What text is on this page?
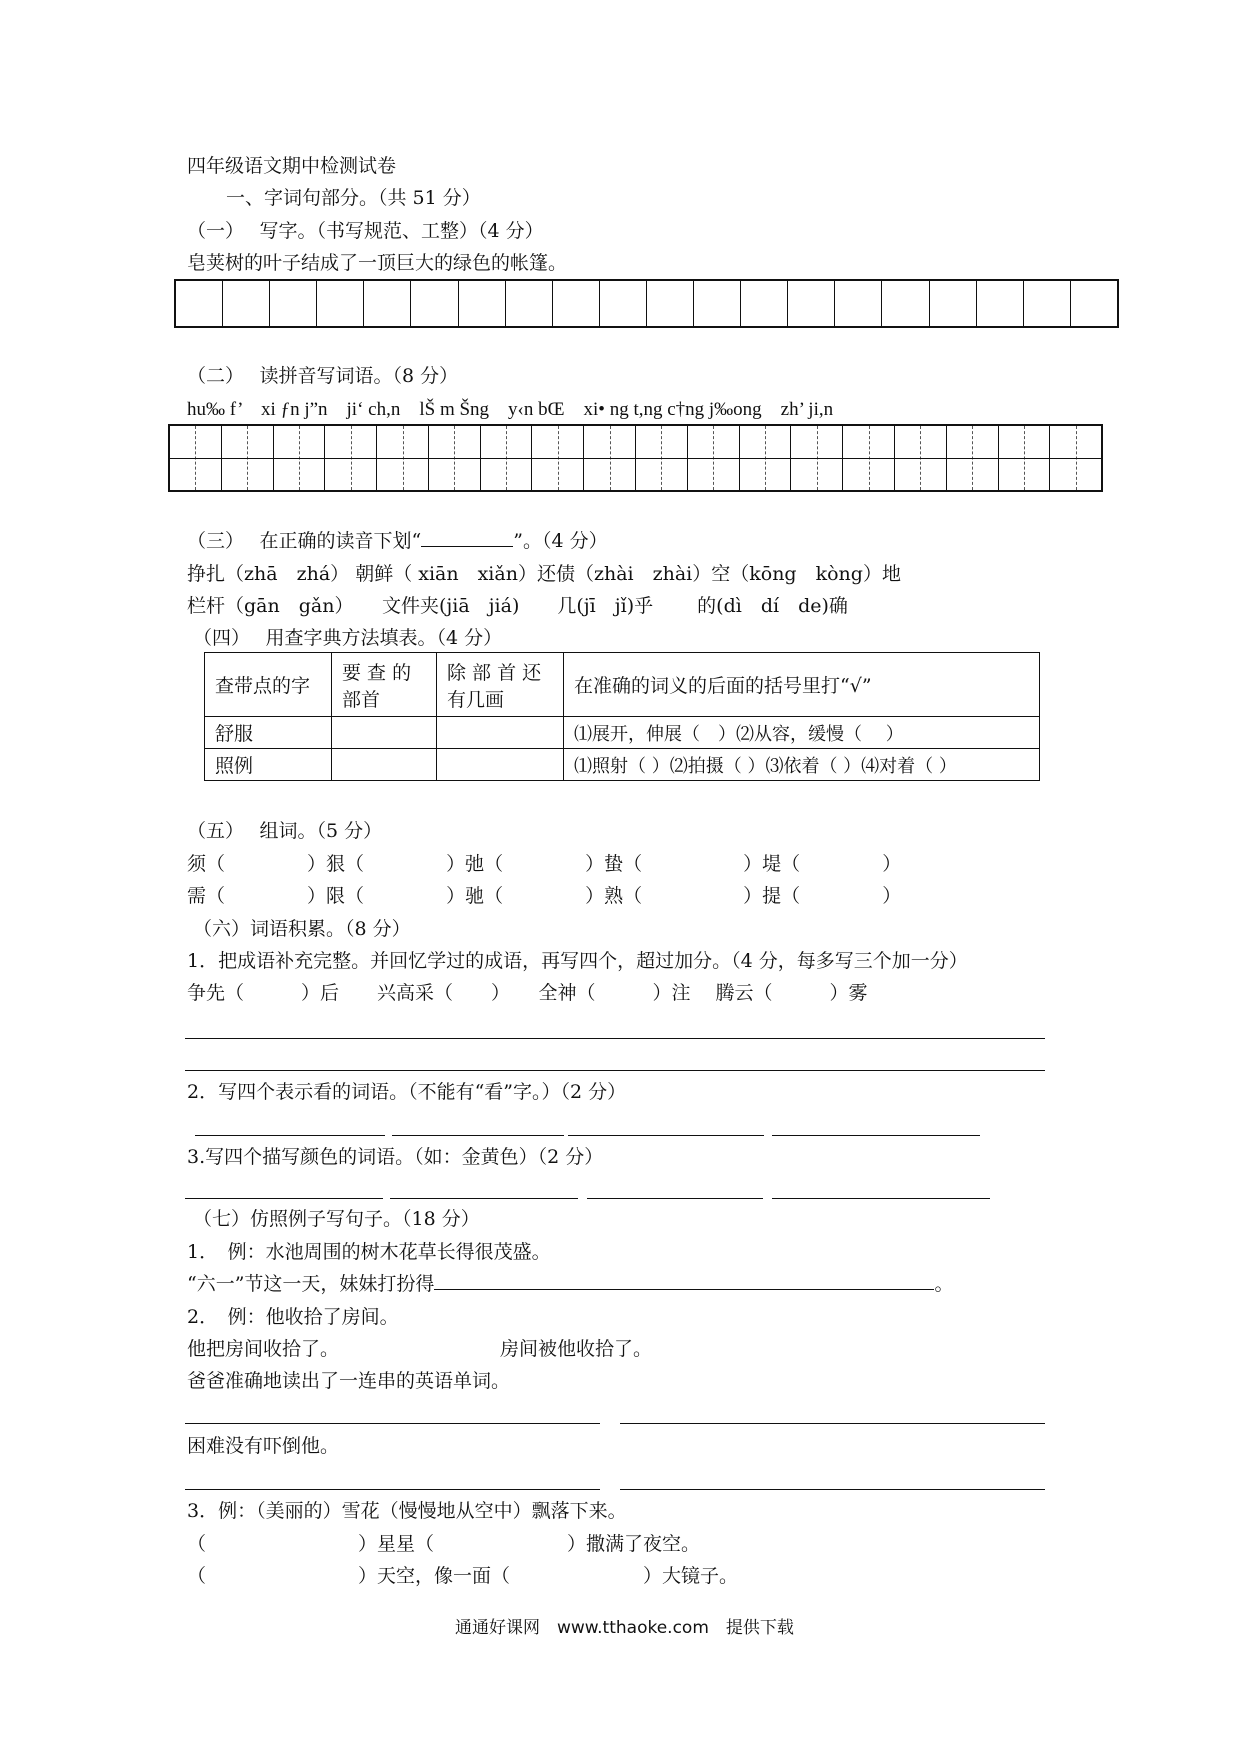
四年级语文期中检测试卷
一、字词句部分。（共 51 分）
（一）　 写字。（书写规范、工整）（4 分）
皂荚树的叶子结成了一顶巨大的绿色的帐篷。
（二）　 读拼音写词语。（8 分）
hu‰ f’　xi ƒn j”n　ji‘ ch,n　lŠ m Šng　y‹n bŒ　xi• ng t,ng c†ng j‰ong　zh’ ji,n
（三）　 在正确的读音下划“	”。（4 分）
挣扎（zhā　zhá） 朝鲜（ xiān　xiǎn）还债（zhài　zhài）空（kōng　kòng）地
栏杆（gān　gǎn）　　文件夹(jiā　jiá)　　几(jī　jǐ)乎　　 的(dì　dí　de)确
（四）　 用查字典方法填表。（4 分）
查带点的字	要 查 的 部首	除 部 首 还 有几画	在准确的词义的后面的括号里打“√”
舒服			⑴展开，伸展（　）⑵从容，缓慢（　 ）
照例			⑴照射（ ）⑵拍摄（ ）⑶依着（ ）⑷对着（ ）
（五）　 组词。（5 分）
须（　　　　 ）狠（　　　　 ）弛（　　　　 ）蛰（　　　　　 ）堤（　　　　 ）
需（　　　　 ）限（　　　　 ）驰（　　　　 ）熟（　　　　　 ）提（　　　　 ）
（六）词语积累。（8 分）
1．把成语补充完整。并回忆学过的成语，再写四个，超过加分。（4 分，每多写三个加一分）
争先（　　　）后　　兴高采（　　）　　全神（　　　）注　 腾云（　　　）雾
2．写四个表示看的词语。（不能有“看”字。）（2 分）
3.写四个描写颜色的词语。（如：金黄色）（2 分）
（七）仿照例子写句子。（18 分）
1．　例：水池周围的树木花草长得很茂盛。
“六一”节这一天，妹妹打扮得	。
2．　例：他收拾了房间。
他把房间收拾了。	房间被他收拾了。
爸爸准确地读出了一连串的英语单词。
困难没有吓倒他。
3．例：（美丽的）雪花（慢慢地从空中）飘落下来。
（　　　　　　　　）星星（　　　　　　　）撒满了夜空。
（　　　　　　　　）天空，像一面（　　　　　　　）大镜子。
通通好课网　www.tthaoke.com　提供下载
